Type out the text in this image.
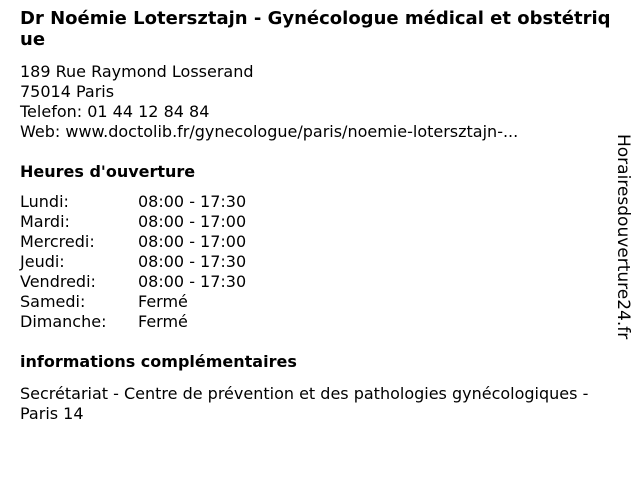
Dr Noémie Lotersztajn - Gynécologue médical et obstétrique
189 Rue Raymond Losserand
75014 Paris
Telefon: 01 44 12 84 84
Web: www.doctolib.fr/gynecologue/paris/noemie-lotersztajn-...
Heures d'ouverture
Lundi:	08:00 - 17:30
Mardi:	08:00 - 17:00
Mercredi:	08:00 - 17:00
Jeudi:	08:00 - 17:30
Vendredi:	08:00 - 17:30
Samedi:	Fermé
Dimanche:	Fermé
informations complémentaires
Secrétariat - Centre de prévention et des pathologies gynécologiques - Paris 14
Horairesdouverture24.fr
